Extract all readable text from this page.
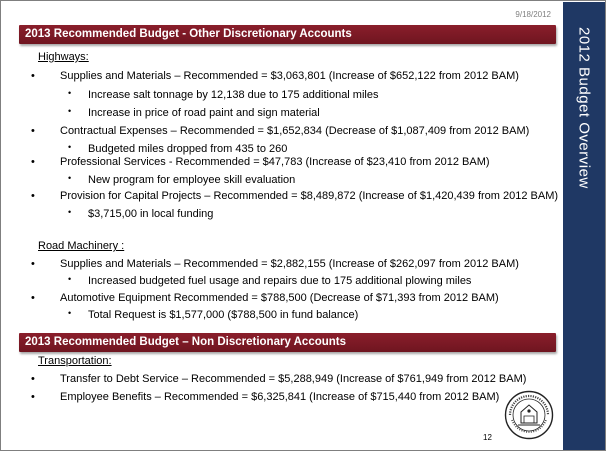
9/18/2012
2012 Budget Overview
2013 Recommended Budget - Other Discretionary Accounts
Highways:
• Supplies and Materials – Recommended = $3,063,801 (Increase of $652,122 from 2012 BAM)
• Increase salt tonnage by 12,138 due to 175 additional miles
• Increase in price of road paint and sign material
• Contractual Expenses – Recommended = $1,652,834 (Decrease of $1,087,409 from 2012 BAM)
• Budgeted miles dropped from 435 to 260
• Professional Services - Recommended = $47,783 (Increase of $23,410 from 2012 BAM)
• New program for employee skill evaluation
• Provision for Capital Projects – Recommended = $8,489,872 (Increase of $1,420,439 from 2012 BAM)
• $3,715,00 in local funding
Road Machinery :
• Supplies and Materials – Recommended = $2,882,155 (Increase of $262,097 from 2012 BAM)
• Increased budgeted fuel usage and repairs due to 175 additional plowing miles
• Automotive Equipment Recommended = $788,500 (Decrease of $71,393 from 2012 BAM)
• Total Request is $1,577,000 ($788,500 in fund balance)
2013 Recommended Budget – Non Discretionary Accounts
Transportation:
• Transfer to Debt Service – Recommended = $5,288,949 (Increase of $761,949 from 2012 BAM)
• Employee Benefits – Recommended = $6,325,841 (Increase of $715,440 from 2012 BAM)
12
